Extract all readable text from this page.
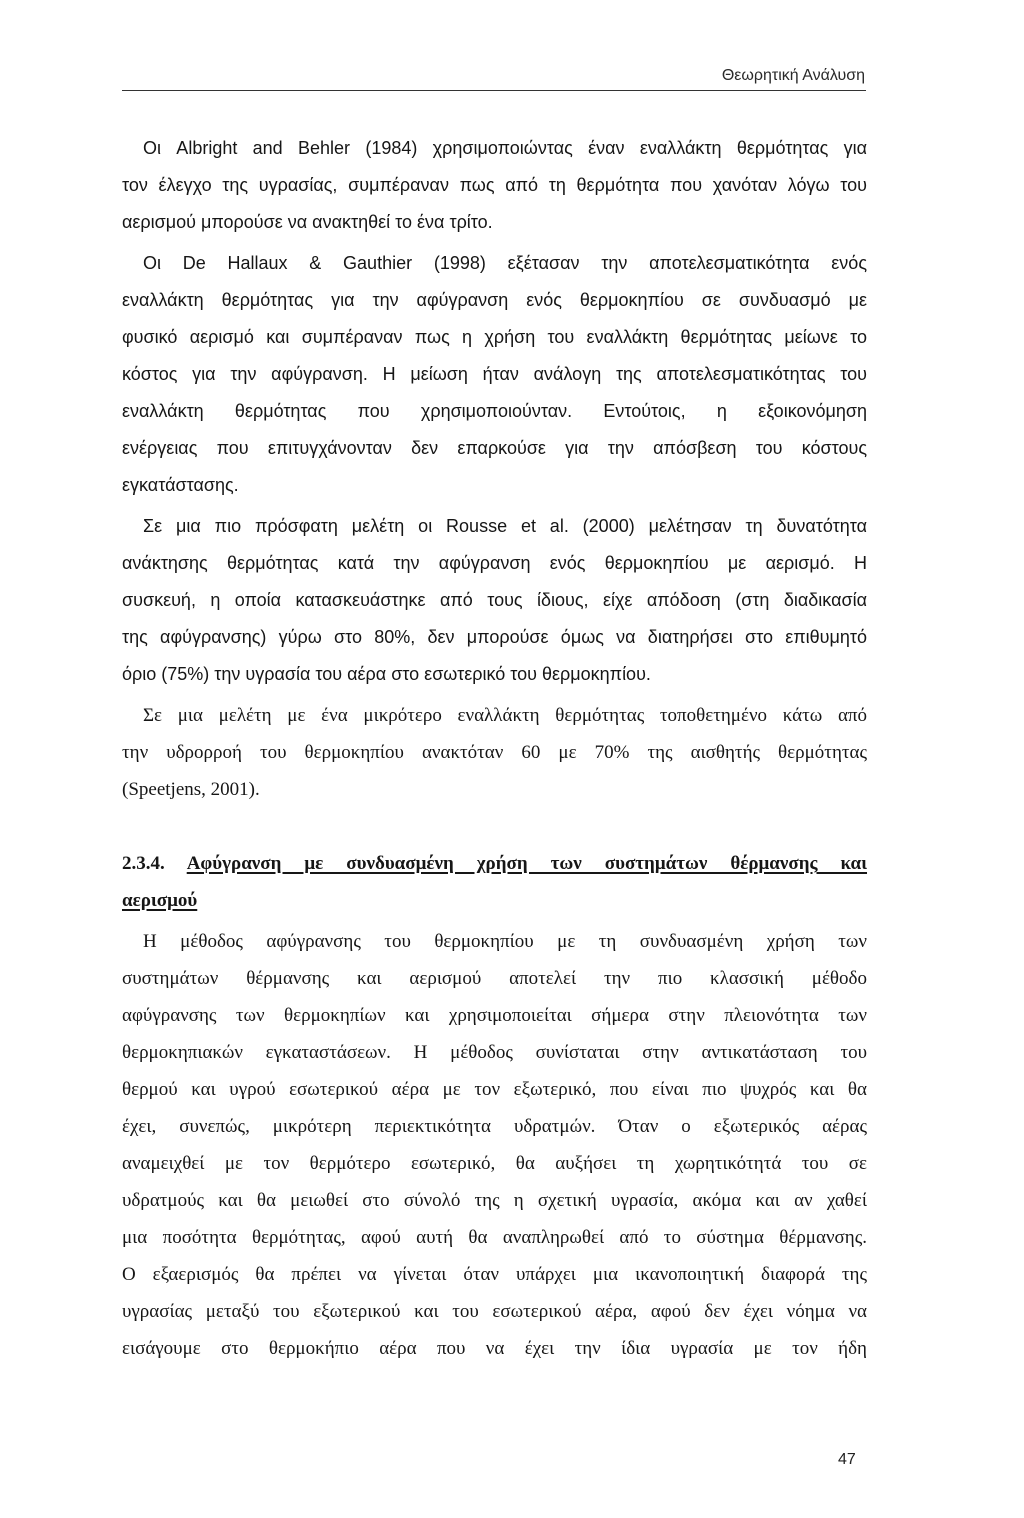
Θεωρητική Ανάλυση
Οι Albright and Behler (1984) χρησιμοποιώντας έναν εναλλάκτη θερμότητας για
τον έλεγχο της υγρασίας, συμπέραναν πως από τη θερμότητα που χανόταν λόγω του
αερισμού μπορούσε να ανακτηθεί το ένα τρίτο.
Οι De Hallaux & Gauthier (1998) εξέτασαν την αποτελεσματικότητα ενός
εναλλάκτη θερμότητας για την αφύγρανση ενός θερμοκηπίου σε συνδυασμό με
φυσικό αερισμό και συμπέραναν πως η χρήση του εναλλάκτη θερμότητας μείωνε το
κόστος για την αφύγρανση. Η μείωση ήταν ανάλογη της αποτελεσματικότητας του
εναλλάκτη θερμότητας που χρησιμοποιούνταν. Εντούτοις, η εξοικονόμηση
ενέργειας που επιτυγχάνονταν δεν επαρκούσε για την απόσβεση του κόστους
εγκατάστασης.
Σε μια πιο πρόσφατη μελέτη οι Rousse et al. (2000) μελέτησαν τη δυνατότητα
ανάκτησης θερμότητας κατά την αφύγρανση ενός θερμοκηπίου με αερισμό. Η
συσκευή, η οποία κατασκευάστηκε από τους ίδιους, είχε απόδοση (στη διαδικασία
της αφύγρανσης) γύρω στο 80%, δεν μπορούσε όμως να διατηρήσει στο επιθυμητό
όριο (75%) την υγρασία του αέρα στο εσωτερικό του θερμοκηπίου.
Σε μια μελέτη με ένα μικρότερο εναλλάκτη θερμότητας τοποθετημένο κάτω από
την υδρορροή του θερμοκηπίου ανακτόταν 60 με 70% της αισθητής θερμότητας
(Speetjens, 2001).
2.3.4. Αφύγρανση με συνδυασμένη χρήση των συστημάτων θέρμανσης και
αερισμού
Η μέθοδος αφύγρανσης του θερμοκηπίου με τη συνδυασμένη χρήση των
συστημάτων θέρμανσης και αερισμού αποτελεί την πιο κλασσική μέθοδο
αφύγρανσης των θερμοκηπίων και χρησιμοποιείται σήμερα στην πλειονότητα των
θερμοκηπιακών εγκαταστάσεων. Η μέθοδος συνίσταται στην αντικατάσταση του
θερμού και υγρού εσωτερικού αέρα με τον εξωτερικό, που είναι πιο ψυχρός και θα
έχει, συνεπώς, μικρότερη περιεκτικότητα υδρατμών. Όταν ο εξωτερικός αέρας
αναμειχθεί με τον θερμότερο εσωτερικό, θα αυξήσει τη χωρητικότητά του σε
υδρατμούς και θα μειωθεί στο σύνολό της η σχετική υγρασία, ακόμα και αν χαθεί
μια ποσότητα θερμότητας, αφού αυτή θα αναπληρωθεί από το σύστημα θέρμανσης.
Ο εξαερισμός θα πρέπει να γίνεται όταν υπάρχει μια ικανοποιητική διαφορά της
υγρασίας μεταξύ του εξωτερικού και του εσωτερικού αέρα, αφού δεν έχει νόημα να
εισάγουμε στο θερμοκήπιο αέρα που να έχει την ίδια υγρασία με τον ήδη
47
